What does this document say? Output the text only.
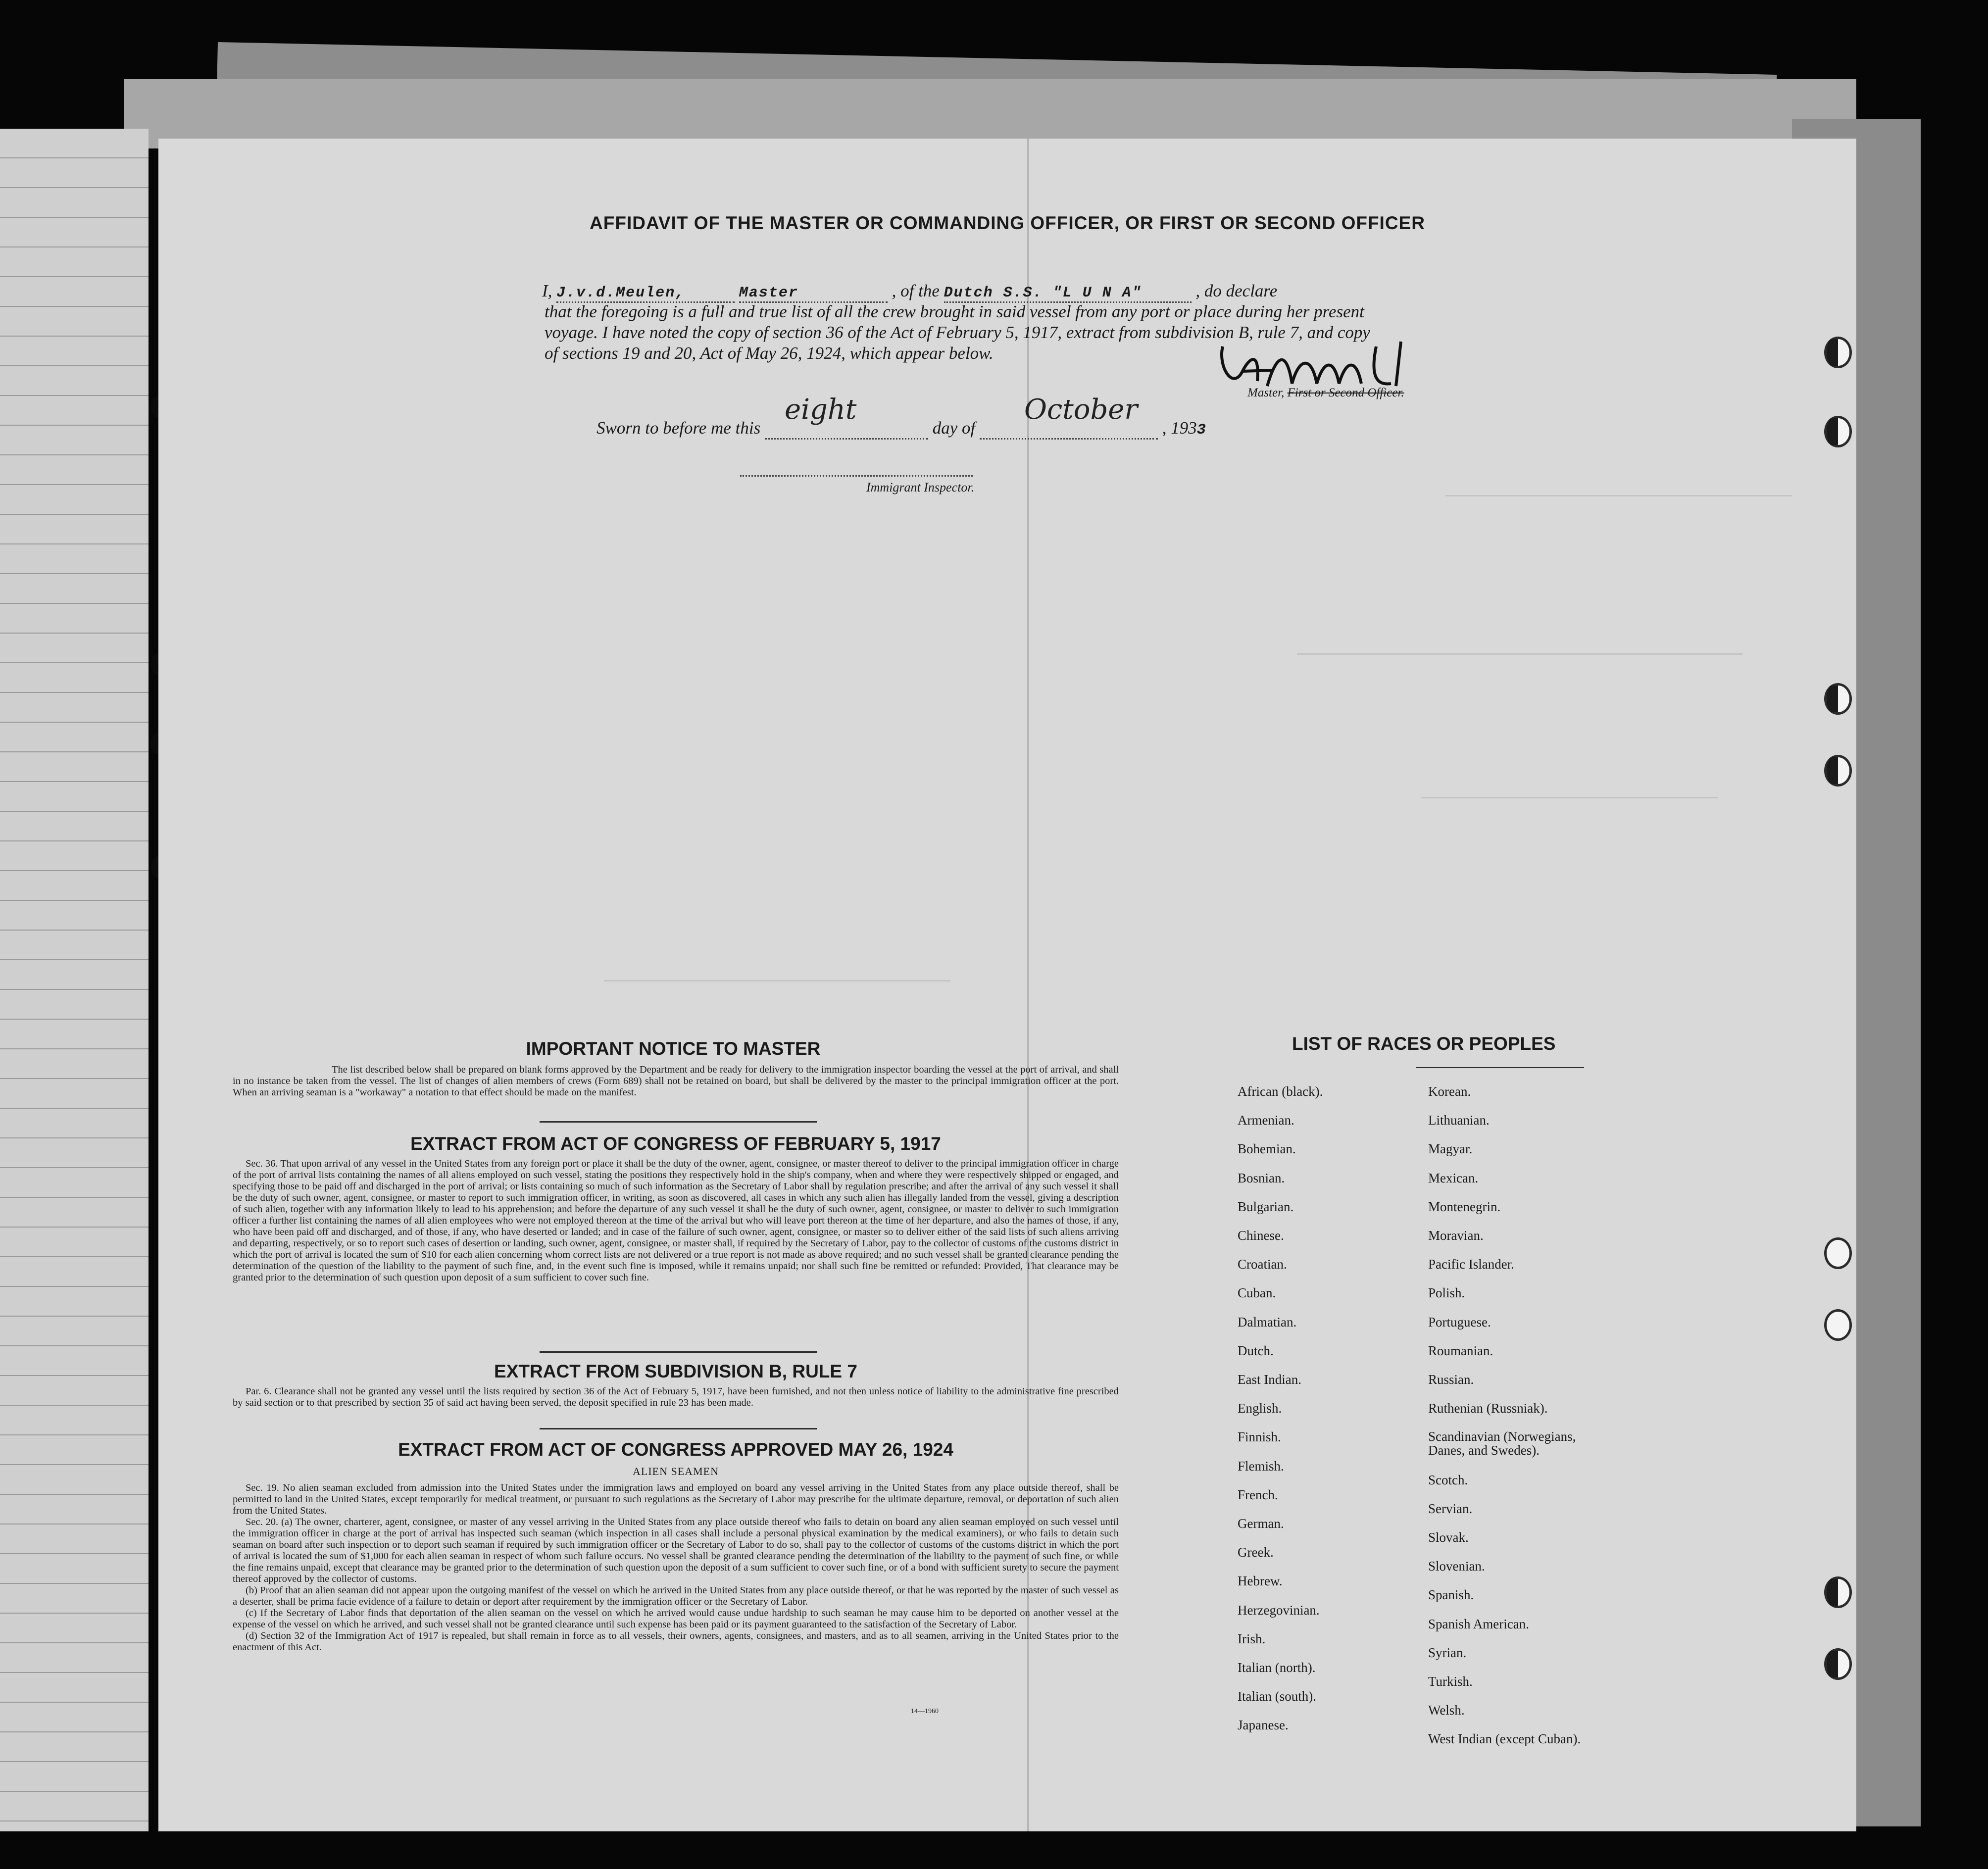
AFFIDAVIT OF THE MASTER OR COMMANDING OFFICER, OR FIRST OR SECOND OFFICER
I, J.v.d.Meulen,	Master	, of the Dutch S.S. "L U N A"	, do declare
that the foregoing is a full and true list of all the crew brought in said vessel from any port or place during her present
voyage. I have noted the copy of section 36 of the Act of February 5, 1917, extract from subdivision B, rule 7, and copy
of sections 19 and 20, Act of May 26, 1924, which appear below.
Master, First or Second Officer.
Sworn to before me this
eight
day of
October
, 1933
Immigrant Inspector.
IMPORTANT NOTICE TO MASTER
The list described below shall be prepared on blank forms approved by the Department and be ready for delivery to the immigration inspector boarding the vessel at the port of arrival, and shall in no instance be taken from the vessel. The list of changes of alien members of crews (Form 689) shall not be retained on board, but shall be delivered by the master to the principal immigration officer at the port. When an arriving seaman is a "workaway" a notation to that effect should be made on the manifest.
EXTRACT FROM ACT OF CONGRESS OF FEBRUARY 5, 1917
Sec. 36. That upon arrival of any vessel in the United States from any foreign port or place it shall be the duty of the owner, agent, consignee, or master thereof to deliver to the principal immigration officer in charge of the port of arrival lists containing the names of all aliens employed on such vessel, stating the positions they respectively hold in the ship's company, when and where they were respectively shipped or engaged, and specifying those to be paid off and discharged in the port of arrival; or lists containing so much of such information as the Secretary of Labor shall by regulation prescribe; and after the arrival of any such vessel it shall be the duty of such owner, agent, consignee, or master to report to such immigration officer, in writing, as soon as discovered, all cases in which any such alien has illegally landed from the vessel, giving a description of such alien, together with any information likely to lead to his apprehension; and before the departure of any such vessel it shall be the duty of such owner, agent, consignee, or master to deliver to such immigration officer a further list containing the names of all alien employees who were not employed thereon at the time of the arrival but who will leave port thereon at the time of her departure, and also the names of those, if any, who have been paid off and discharged, and of those, if any, who have deserted or landed; and in case of the failure of such owner, agent, consignee, or master so to deliver either of the said lists of such aliens arriving and departing, respectively, or so to report such cases of desertion or landing, such owner, agent, consignee, or master shall, if required by the Secretary of Labor, pay to the collector of customs of the customs district in which the port of arrival is located the sum of $10 for each alien concerning whom correct lists are not delivered or a true report is not made as above required; and no such vessel shall be granted clearance pending the determination of the question of the liability to the payment of such fine, and, in the event such fine is imposed, while it remains unpaid; nor shall such fine be remitted or refunded: Provided, That clearance may be granted prior to the determination of such question upon deposit of a sum sufficient to cover such fine.
EXTRACT FROM SUBDIVISION B, RULE 7
Par. 6. Clearance shall not be granted any vessel until the lists required by section 36 of the Act of February 5, 1917, have been furnished, and not then unless notice of liability to the administrative fine prescribed by said section or to that prescribed by section 35 of said act having been served, the deposit specified in rule 23 has been made.
EXTRACT FROM ACT OF CONGRESS APPROVED MAY 26, 1924
ALIEN SEAMEN
Sec. 19. No alien seaman excluded from admission into the United States under the immigration laws and employed on board any vessel arriving in the United States from any place outside thereof, shall be permitted to land in the United States, except temporarily for medical treatment, or pursuant to such regulations as the Secretary of Labor may prescribe for the ultimate departure, removal, or deportation of such alien from the United States.
Sec. 20. (a) The owner, charterer, agent, consignee, or master of any vessel arriving in the United States from any place outside thereof who fails to detain on board any alien seaman employed on such vessel until the immigration officer in charge at the port of arrival has inspected such seaman (which inspection in all cases shall include a personal physical examination by the medical examiners), or who fails to detain such seaman on board after such inspection or to deport such seaman if required by such immigration officer or the Secretary of Labor to do so, shall pay to the collector of customs of the customs district in which the port of arrival is located the sum of $1,000 for each alien seaman in respect of whom such failure occurs. No vessel shall be granted clearance pending the determination of the liability to the payment of such fine, or while the fine remains unpaid, except that clearance may be granted prior to the determination of such question upon the deposit of a sum sufficient to cover such fine, or of a bond with sufficient surety to secure the payment thereof approved by the collector of customs.
(b) Proof that an alien seaman did not appear upon the outgoing manifest of the vessel on which he arrived in the United States from any place outside thereof, or that he was reported by the master of such vessel as a deserter, shall be prima facie evidence of a failure to detain or deport after requirement by the immigration officer or the Secretary of Labor.
(c) If the Secretary of Labor finds that deportation of the alien seaman on the vessel on which he arrived would cause undue hardship to such seaman he may cause him to be deported on another vessel at the expense of the vessel on which he arrived, and such vessel shall not be granted clearance until such expense has been paid or its payment guaranteed to the satisfaction of the Secretary of Labor.
(d) Section 32 of the Immigration Act of 1917 is repealed, but shall remain in force as to all vessels, their owners, agents, consignees, and masters, and as to all seamen, arriving in the United States prior to the enactment of this Act.
14—1960
LIST OF RACES OR PEOPLES
African (black).
Armenian.
Bohemian.
Bosnian.
Bulgarian.
Chinese.
Croatian.
Cuban.
Dalmatian.
Dutch.
East Indian.
English.
Finnish.
Flemish.
French.
German.
Greek.
Hebrew.
Herzegovinian.
Irish.
Italian (north).
Italian (south).
Japanese.
Korean.
Lithuanian.
Magyar.
Mexican.
Montenegrin.
Moravian.
Pacific Islander.
Polish.
Portuguese.
Roumanian.
Russian.
Ruthenian (Russniak).
Scandinavian (Norwegians, Danes, and Swedes).
Scotch.
Servian.
Slovak.
Slovenian.
Spanish.
Spanish American.
Syrian.
Turkish.
Welsh.
West Indian (except Cuban).
